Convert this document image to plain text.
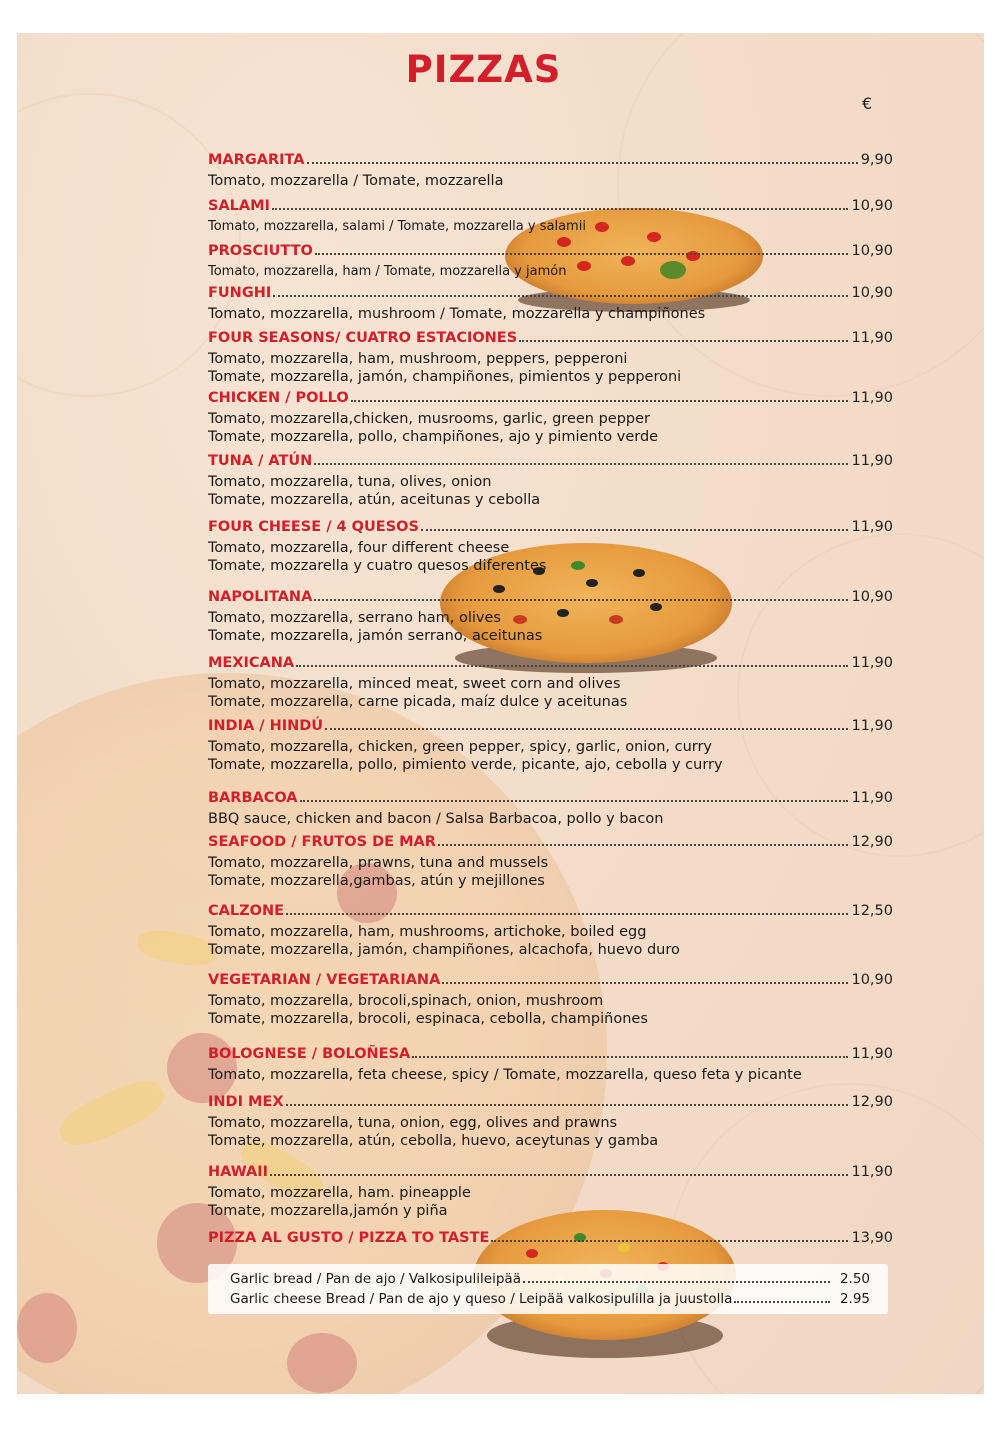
PIZZAS
€
MARGARITA	9,90
Tomato, mozzarella / Tomate, mozzarella
SALAMI	10,90
Tomato, mozzarella, salami / Tomate, mozzarella y salamii
PROSCIUTTO	10,90
Tomato, mozzarella, ham / Tomate, mozzarella y jamón
FUNGHI	10,90
Tomato, mozzarella, mushroom / Tomate, mozzarella y champiñones
FOUR SEASONS/ CUATRO ESTACIONES	11,90
Tomato, mozzarella, ham, mushroom, peppers, pepperoni
Tomate, mozzarella, jamón, champiñones, pimientos y pepperoni
CHICKEN / POLLO	11,90
Tomato, mozzarella,chicken, musrooms, garlic, green pepper
Tomate, mozzarella, pollo, champiñones, ajo y pimiento verde
TUNA / ATÚN	11,90
Tomato, mozzarella, tuna, olives, onion
Tomate, mozzarella, atún, aceitunas y cebolla
FOUR CHEESE / 4 QUESOS	11,90
Tomato, mozzarella, four different cheese
Tomate, mozzarella y cuatro quesos diferentes
NAPOLITANA	10,90
Tomato, mozzarella, serrano ham, olives
Tomate, mozzarella, jamón serrano, aceitunas
MEXICANA	11,90
Tomato, mozzarella, minced meat, sweet corn and olives
Tomate, mozzarella, carne picada, maíz dulce y aceitunas
INDIA / HINDÚ	11,90
Tomato, mozzarella, chicken, green pepper, spicy, garlic, onion, curry
Tomate, mozzarella, pollo, pimiento verde, picante, ajo, cebolla y curry
BARBACOA	11,90
BBQ sauce, chicken and bacon / Salsa Barbacoa, pollo y bacon
SEAFOOD / FRUTOS DE MAR	12,90
Tomato, mozzarella, prawns, tuna and mussels
Tomate, mozzarella,gambas, atún y mejillones
CALZONE	12,50
Tomato, mozzarella, ham, mushrooms, artichoke, boiled egg
Tomate, mozzarella, jamón, champiñones, alcachofa, huevo duro
VEGETARIAN / VEGETARIANA	10,90
Tomato, mozzarella, brocoli,spinach, onion, mushroom
Tomate, mozzarella, brocoli, espinaca, cebolla, champiñones
BOLOGNESE / BOLOÑESA	11,90
Tomato, mozzarella, feta cheese, spicy / Tomate, mozzarella, queso feta y picante
INDI MEX	12,90
Tomato, mozzarella, tuna, onion, egg, olives and prawns
Tomate, mozzarella, atún, cebolla, huevo, aceytunas y gamba
HAWAII	11,90
Tomato, mozzarella, ham. pineapple
Tomate, mozzarella,jamón y piña
PIZZA AL GUSTO / PIZZA TO TASTE	13,90
Garlic bread / Pan de ajo / Valkosipulileipää	2.50
Garlic cheese Bread / Pan de ajo y queso / Leipää valkosipulilla ja juustolla	2.95
